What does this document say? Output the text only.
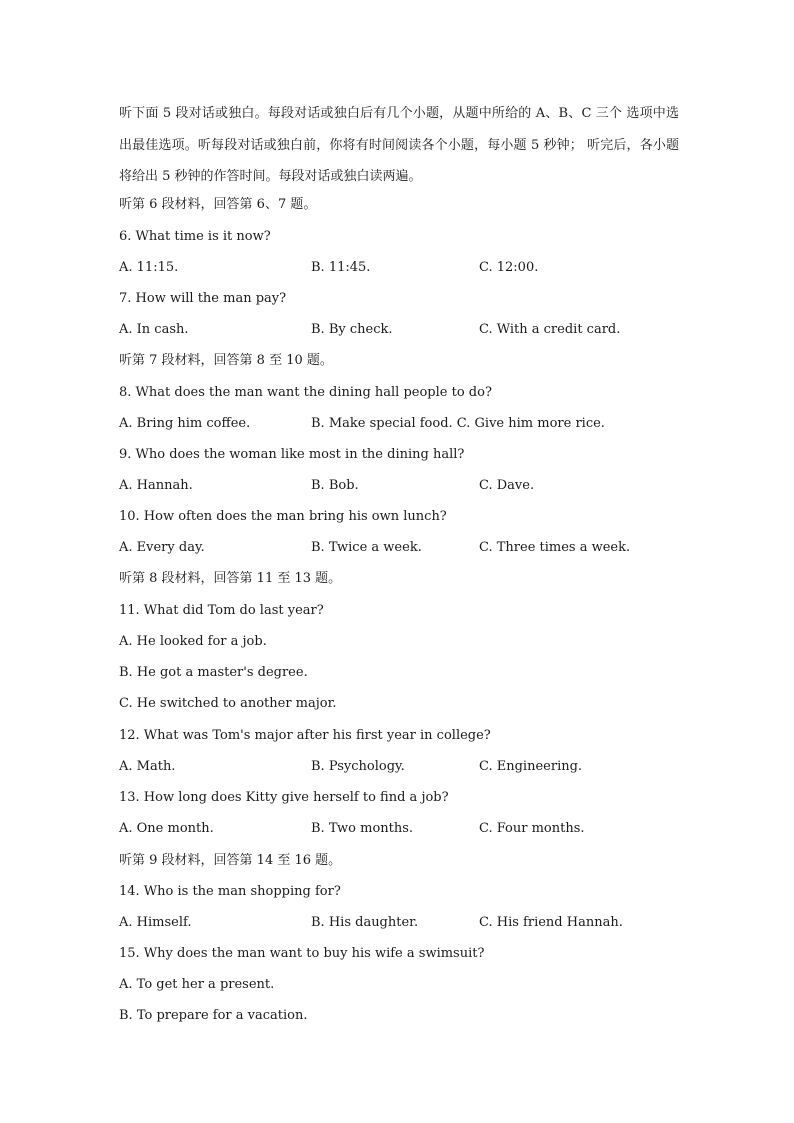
听下面 5 段对话或独白。每段对话或独白后有几个小题，从题中所给的 A、B、C 三个 选项中选出最佳选项。听每段对话或独白前，你将有时间阅读各个小题，每小题 5 秒钟； 听完后，各小题将给出 5 秒钟的作答时间。每段对话或独白读两遍。
听第 6 段材料，回答第 6、7 题。
6. What time is it now?
A. 11:15.	B. 11:45.	C. 12:00.
7. How will the man pay?
A. In cash.	B. By check.	C. With a credit card.
听第 7 段材料，回答第 8 至 10 题。
8. What does the man want the dining hall people to do?
A. Bring him coffee.	B. Make special food. C. Give him more rice.
9. Who does the woman like most in the dining hall?
A. Hannah.	B. Bob.	C. Dave.
10. How often does the man bring his own lunch?
A. Every day.	B. Twice a week.	C. Three times a week.
听第 8 段材料，回答第 11 至 13 题。
11. What did Tom do last year?
A. He looked for a job.
B. He got a master's degree.
C. He switched to another major.
12. What was Tom's major after his first year in college?
A. Math.	B. Psychology.	C. Engineering.
13. How long does Kitty give herself to find a job?
A. One month.	B. Two months.	C. Four months.
听第 9 段材料，回答第 14 至 16 题。
14. Who is the man shopping for?
A. Himself.	B. His daughter.	C. His friend Hannah.
15. Why does the man want to buy his wife a swimsuit?
A. To get her a present.
B. To prepare for a vacation.
